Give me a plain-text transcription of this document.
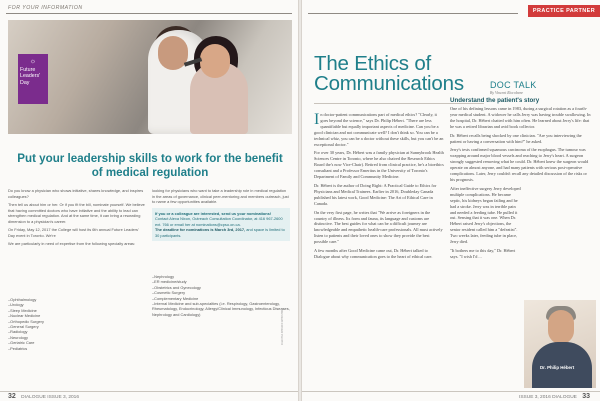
FOR YOUR INFORMATION
☼
Future Leaders' Day
Put your leadership skills to work for the benefit of medical regulation

Do you know a physician who shows initiative, shares knowledge, and inspires colleagues?

Then tell us about him or her. Or if you fit the bill, nominate yourself. We believe that having committed doctors who have initiative and the ability to lead can strengthen medical regulation. And at the same time, it can bring a rewarding dimension to a physician's career.

On Friday, May 12, 2017 the College will host its 6th annual Future Leaders' Day event in Toronto. We're

We are particularly in need of expertise from the following specialty areas:

looking for physicians who want to take a leadership role in medical regulation in the areas of governance, clinical peer-mentoring and members outreach, just to name a few opportunities available.

If you or a colleague are interested, send us your nominations!
Contact Alexa Nixon, Outreach Consultation Coordinator, at 416 967-2600 ext. 766 or email her at nominations@cpso.on.ca.
The deadline for nominations is March 3rd, 2017, and space is limited to 30 participants.
– Ophthalmology
– Urology
– Sleep Medicine
– Nuclear Medicine
– Orthopedic Surgery
– General Surgery
– Radiology
– Neurology
– Geriatric Care
– Pediatrics
– Nephrology
– ER medicine/study
– Obstetrics and Gynecology
– Cosmetic Surgery
– Complementary Medicine
– Internal Medicine and sub-specialties (i.e. Respirology, Gastroenterology, Rheumatology, Endocrinology, Allergy/Clinical Immunology, Infectious Diseases, Nephrology and Cardiology)	REVIEW COVER PHOTO
32 DIALOGUE ISSUE 3, 2016
PRACTICE PARTNER
The Ethics of
Communications	DOC TALK
By Vincent Riccobene

In doctor-patient communications part of medical ethics? "Clearly, it goes beyond the science," says Dr. Philip Hébert. "There are less quantifiable but equally important aspects of medicine. Can you be a good clinician and not communicate well? I don't think so. You can be a technical whiz, you can be a doctor without these skills, but you can't be an exceptional doctor."

For over 30 years, Dr. Hébert was a family physician at Sunnybrook Health Sciences Centre in Toronto, where he also chaired the Research Ethics Board the's now Vice-Chair). Retired from clinical practice, he's a bioethics consultant and a Professor Emeritus in the University of Toronto's Department of Family and Community Medicine.

Dr. Hébert is the author of Doing Right: A Practical Guide to Ethics for Physicians and Medical Trainees. Earlier in 2016, Doubleday Canada published his latest work, Good Medicine: The Art of Ethical Care in Canada.

On the very first page, he writes that "We arrive as foreigners in the country of illness. Its form and fauna, its language and customs are distinctive. The best guides for what can be a difficult journey are knowledgeable and empathetic health-care professionals. All must actively listen to patients and their loved ones to show they provide the best possible care."

A few months after Good Medicine came out, Dr. Hébert talked to Dialogue about why communication goes to the heart of ethical care.

Understand the patient's story

One of his defining lessons came in 1983, during a surgical rotation as a fourth-year medical student. A widower he calls Jerry was having trouble swallowing. In the hospital, Dr. Hébert chatted with him often. He learned about Jerry's life: that he was a retired librarian and avid book collector.

Dr. Hébert recalls being shocked by one clinician. "Are you interviewing the patient or having a conversation with him?" he asked.

Jerry's tests confirmed squamous carcinoma of the esophagus. The tumour was wrapping around major blood vessels and reaching to Jerry's heart. A surgeon strongly suggested removing what he could. Dr. Hébert knew the surgeon would operate on almost anyone, and had many patients with serious post-operative complications. Later, Jerry couldn't recall any detailed discussion of the risks or his prognosis.

After ineffective surgery Jerry developed multiple complications. He became septic, his kidneys began failing and he had a stroke. Jerry was in terrible pain and needed a feeding tube. He pulled it out. Sensing that it was one. When Dr. Hébert raised Jerry's objections, the senior resident called him a "defeatist". Two weeks later, feeding tube in place, Jerry died.

"It bothers me to this day," Dr. Hébert says. "I wish I'd ...

Dr. Philip Hébert
ISSUE 3, 2016 DIALOGUE 33
